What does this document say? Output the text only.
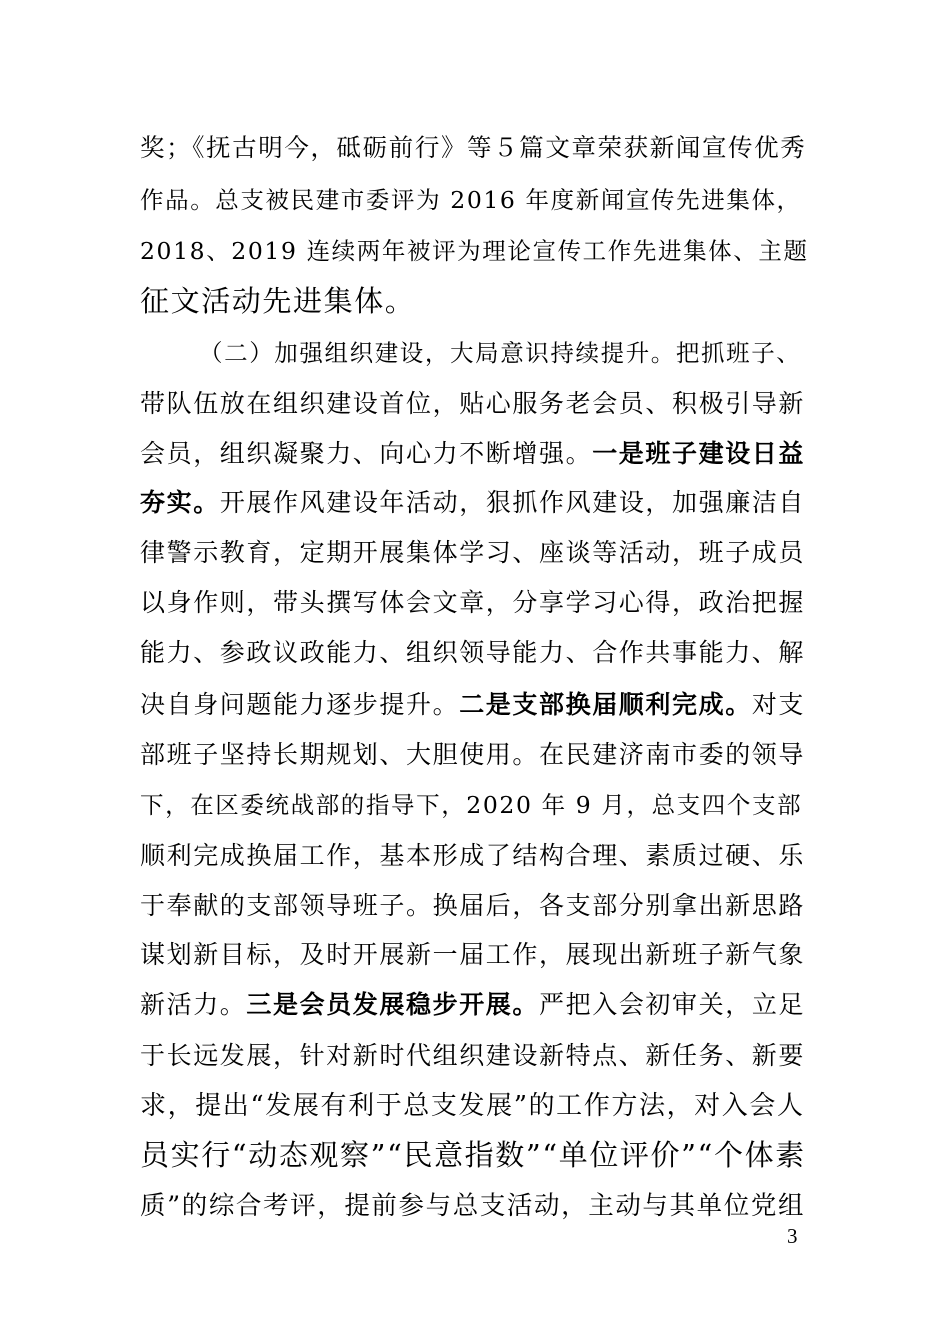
奖；《抚古明今，砥砺前行》等５篇文章荣获新闻宣传优秀
作品。总支被民建市委评为 2016 年度新闻宣传先进集体，
2018、2019 连续两年被评为理论宣传工作先进集体、主题
征文活动先进集体。
（二）加强组织建设，大局意识持续提升。把抓班子、
带队伍放在组织建设首位，贴心服务老会员、积极引导新
会员，组织凝聚力、向心力不断增强。一是班子建设日益
夯实。开展作风建设年活动，狠抓作风建设，加强廉洁自
律警示教育，定期开展集体学习、座谈等活动，班子成员
以身作则，带头撰写体会文章，分享学习心得，政治把握
能力、参政议政能力、组织领导能力、合作共事能力、解
决自身问题能力逐步提升。二是支部换届顺利完成。对支
部班子坚持长期规划、大胆使用。在民建济南市委的领导
下，在区委统战部的指导下，2020 年 9 月，总支四个支部
顺利完成换届工作，基本形成了结构合理、素质过硬、乐
于奉献的支部领导班子。换届后，各支部分别拿出新思路
谋划新目标，及时开展新一届工作，展现出新班子新气象
新活力。三是会员发展稳步开展。严把入会初审关，立足
于长远发展，针对新时代组织建设新特点、新任务、新要
求，提出“发展有利于总支发展”的工作方法，对入会人
员实行“动态观察”“民意指数”“单位评价”“个体素
质”的综合考评，提前参与总支活动，主动与其单位党组
3
